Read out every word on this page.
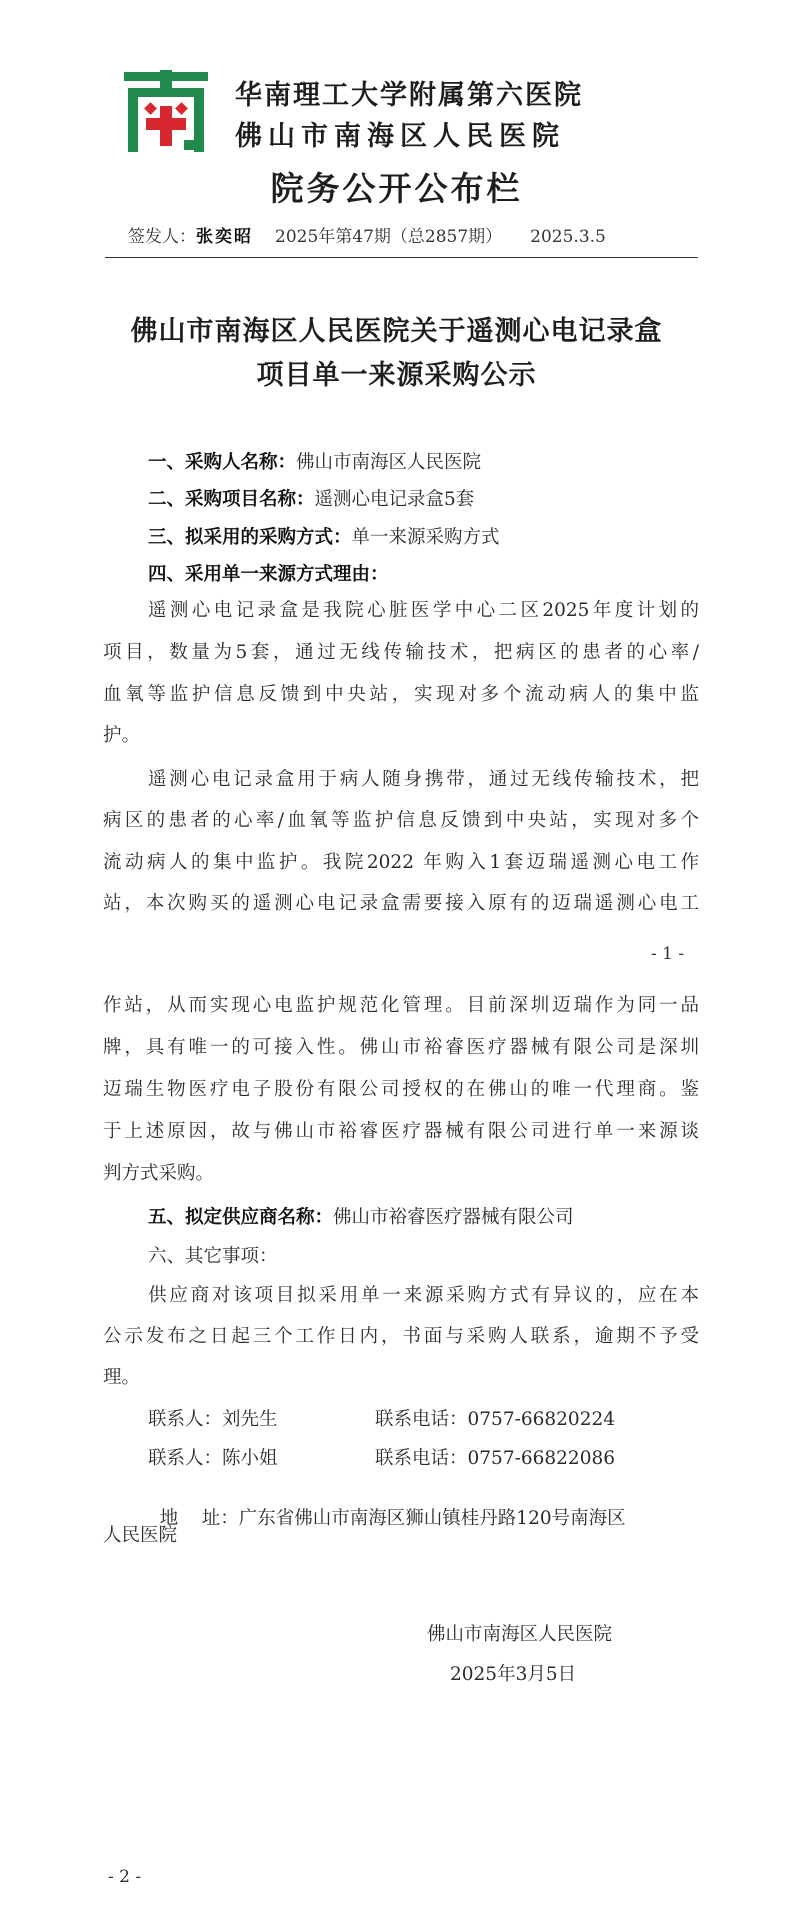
华南理工大学附属第六医院
佛山市南海区人民医院
院务公开公布栏
签发人：张奕昭 2025年第47期（总2857期） 2025.3.5
佛山市南海区人民医院关于遥测心电记录盒
项目单一来源采购公示
一、采购人名称：佛山市南海区人民医院
二、采购项目名称：遥测心电记录盒5套
三、拟采用的采购方式：单一来源采购方式
四、采用单一来源方式理由：
遥测心电记录盒是我院心脏医学中心二区2025年度计划的
项目，数量为5套，通过无线传输技术，把病区的患者的心率/
血氧等监护信息反馈到中央站，实现对多个流动病人的集中监
护。
遥测心电记录盒用于病人随身携带，通过无线传输技术，把
病区的患者的心率/血氧等监护信息反馈到中央站，实现对多个
流动病人的集中监护。我院2022 年购入1套迈瑞遥测心电工作
站，本次购买的遥测心电记录盒需要接入原有的迈瑞遥测心电工
- 1 -
作站，从而实现心电监护规范化管理。目前深圳迈瑞作为同一品
牌，具有唯一的可接入性。佛山市裕睿医疗器械有限公司是深圳
迈瑞生物医疗电子股份有限公司授权的在佛山的唯一代理商。鉴
于上述原因，故与佛山市裕睿医疗器械有限公司进行单一来源谈
判方式采购。
五、拟定供应商名称：佛山市裕睿医疗器械有限公司
六、其它事项：
供应商对该项目拟采用单一来源采购方式有异议的，应在本
公示发布之日起三个工作日内，书面与采购人联系，逾期不予受
理。
联系人：刘先生	联系电话：0757-66820224
联系人：陈小姐	联系电话：0757-66822086

地    址：广东省佛山市南海区狮山镇桂丹路120号南海区

人民医院
佛山市南海区人民医院
2025年3月5日
- 2 -
